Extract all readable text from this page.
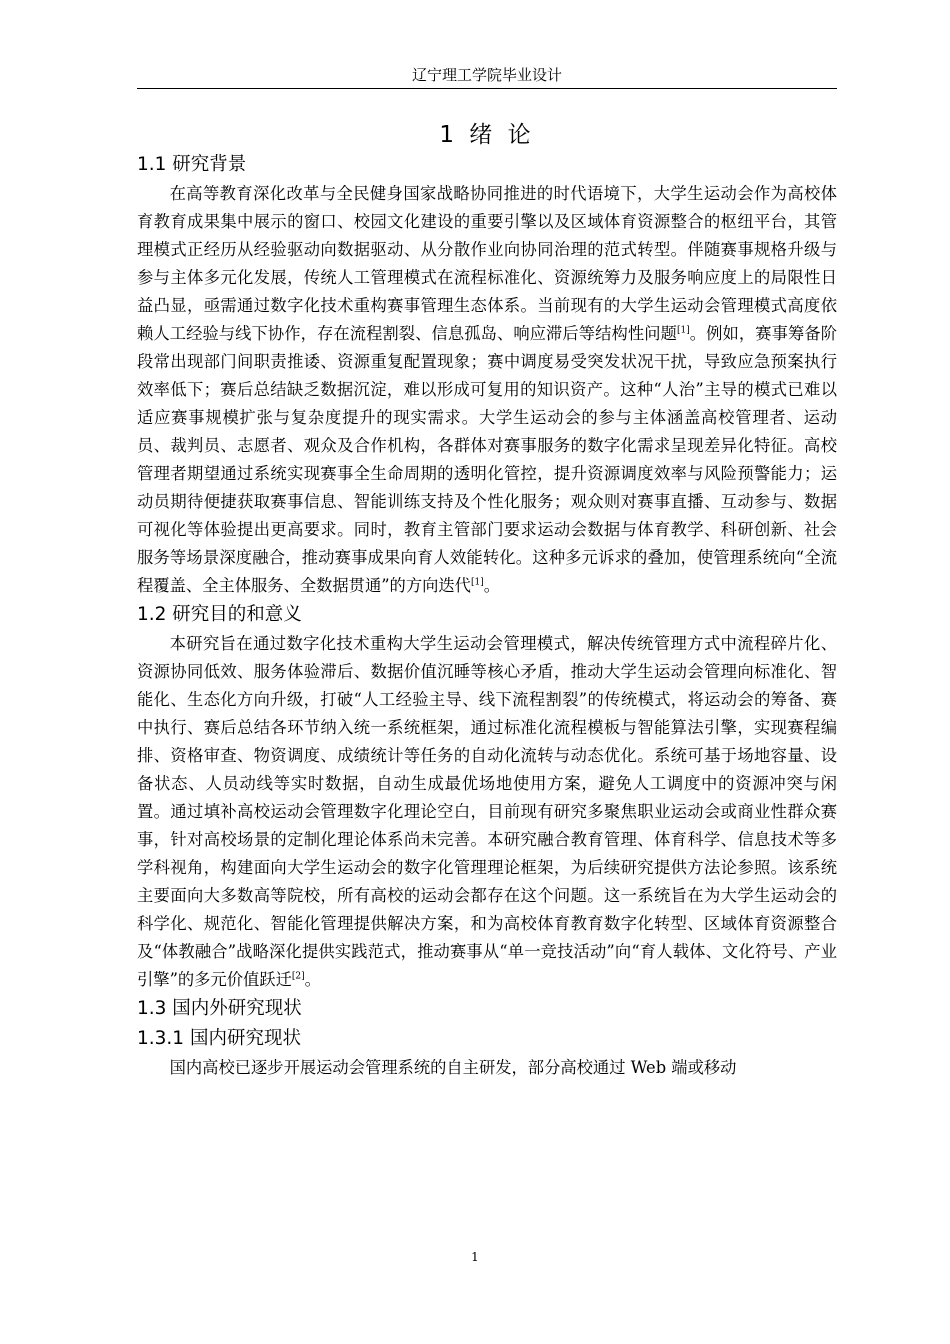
辽宁理工学院毕业设计
1 绪 论
1.1 研究背景

在高等教育深化改革与全民健身国家战略协同推进的时代语境下，大学生运动会作为高校体育教育成果集中展示的窗口、校园文化建设的重要引擎以及区域体育资源整合的枢纽平台，其管理模式正经历从经验驱动向数据驱动、从分散作业向协同治理的范式转型。伴随赛事规格升级与参与主体多元化发展，传统人工管理模式在流程标准化、资源统筹力及服务响应度上的局限性日益凸显，亟需通过数字化技术重构赛事管理生态体系。当前现有的大学生运动会管理模式高度依赖人工经验与线下协作，存在流程割裂、信息孤岛、响应滞后等结构性问题[1]。例如，赛事筹备阶段常出现部门间职责推诿、资源重复配置现象；赛中调度易受突发状况干扰，导致应急预案执行效率低下；赛后总结缺乏数据沉淀，难以形成可复用的知识资产。这种“人治”主导的模式已难以适应赛事规模扩张与复杂度提升的现实需求。大学生运动会的参与主体涵盖高校管理者、运动员、裁判员、志愿者、观众及合作机构，各群体对赛事服务的数字化需求呈现差异化特征。高校管理者期望通过系统实现赛事全生命周期的透明化管控，提升资源调度效率与风险预警能力；运动员期待便捷获取赛事信息、智能训练支持及个性化服务；观众则对赛事直播、互动参与、数据可视化等体验提出更高要求。同时，教育主管部门要求运动会数据与体育教学、科研创新、社会服务等场景深度融合，推动赛事成果向育人效能转化。这种多元诉求的叠加，使管理系统向“全流程覆盖、全主体服务、全数据贯通”的方向迭代[1]。

1.2 研究目的和意义

本研究旨在通过数字化技术重构大学生运动会管理模式，解决传统管理方式中流程碎片化、资源协同低效、服务体验滞后、数据价值沉睡等核心矛盾，推动大学生运动会管理向标准化、智能化、生态化方向升级，打破“人工经验主导、线下流程割裂”的传统模式，将运动会的筹备、赛中执行、赛后总结各环节纳入统一系统框架，通过标准化流程模板与智能算法引擎，实现赛程编排、资格审查、物资调度、成绩统计等任务的自动化流转与动态优化。系统可基于场地容量、设备状态、人员动线等实时数据，自动生成最优场地使用方案，避免人工调度中的资源冲突与闲置。通过填补高校运动会管理数字化理论空白，目前现有研究多聚焦职业运动会或商业性群众赛事，针对高校场景的定制化理论体系尚未完善。本研究融合教育管理、体育科学、信息技术等多学科视角，构建面向大学生运动会的数字化管理理论框架，为后续研究提供方法论参照。该系统主要面向大多数高等院校，所有高校的运动会都存在这个问题。这一系统旨在为大学生运动会的科学化、规范化、智能化管理提供解决方案，和为高校体育教育数字化转型、区域体育资源整合及“体教融合”战略深化提供实践范式，推动赛事从“单一竞技活动”向“育人载体、文化符号、产业引擎”的多元价值跃迁[2]。

1.3 国内外研究现状
1.3.1 国内研究现状

国内高校已逐步开展运动会管理系统的自主研发，部分高校通过 Web 端或移动

1
